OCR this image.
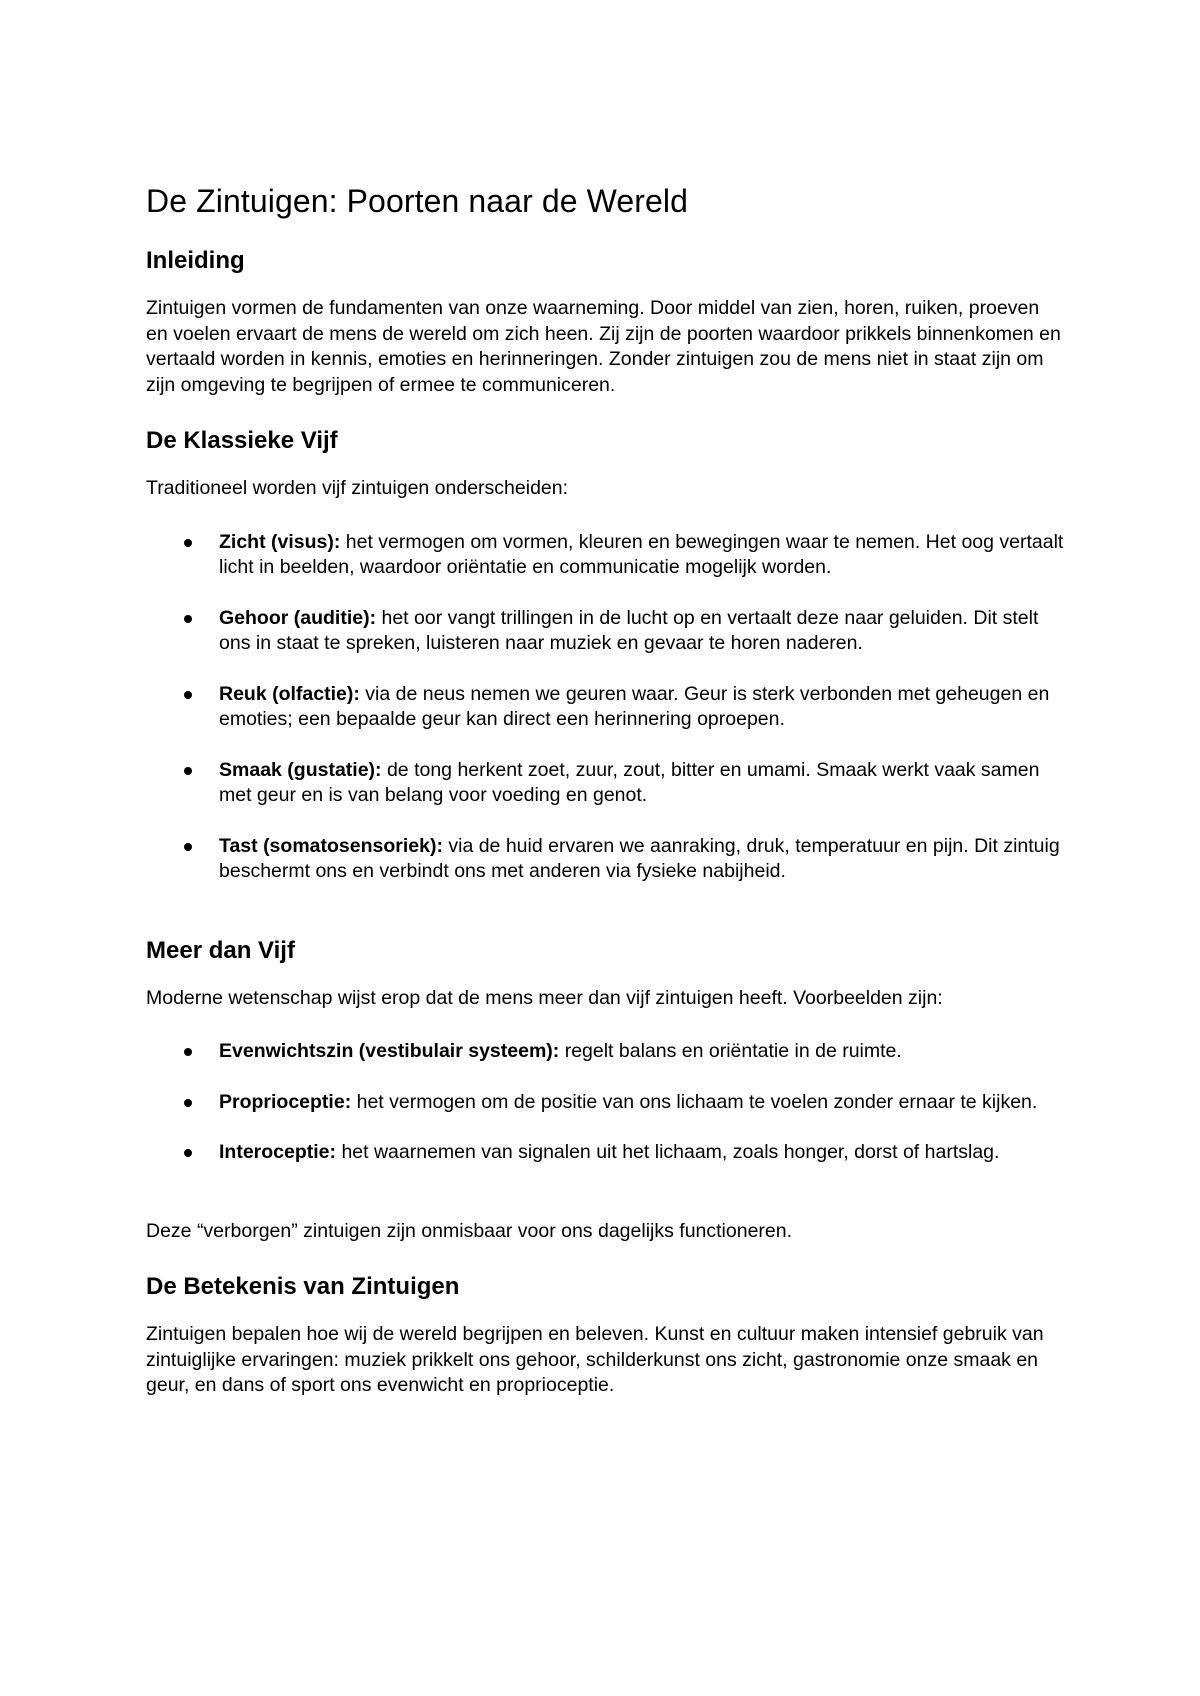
De Zintuigen: Poorten naar de Wereld
Inleiding

Zintuigen vormen de fundamenten van onze waarneming. Door middel van zien, horen, ruiken, proeven en voelen ervaart de mens de wereld om zich heen. Zij zijn de poorten waardoor prikkels binnenkomen en vertaald worden in kennis, emoties en herinneringen. Zonder zintuigen zou de mens niet in staat zijn om zijn omgeving te begrijpen of ermee te communiceren.

De Klassieke Vijf

Traditioneel worden vijf zintuigen onderscheiden:

Zicht (visus): het vermogen om vormen, kleuren en bewegingen waar te nemen. Het oog vertaalt licht in beelden, waardoor oriëntatie en communicatie mogelijk worden.
Gehoor (auditie): het oor vangt trillingen in de lucht op en vertaalt deze naar geluiden. Dit stelt ons in staat te spreken, luisteren naar muziek en gevaar te horen naderen.
Reuk (olfactie): via de neus nemen we geuren waar. Geur is sterk verbonden met geheugen en emoties; een bepaalde geur kan direct een herinnering oproepen.
Smaak (gustatie): de tong herkent zoet, zuur, zout, bitter en umami. Smaak werkt vaak samen met geur en is van belang voor voeding en genot.
Tast (somatosensoriek): via de huid ervaren we aanraking, druk, temperatuur en pijn. Dit zintuig beschermt ons en verbindt ons met anderen via fysieke nabijheid.
Meer dan Vijf

Moderne wetenschap wijst erop dat de mens meer dan vijf zintuigen heeft. Voorbeelden zijn:

Evenwichtszin (vestibulair systeem): regelt balans en oriëntatie in de ruimte.
Proprioceptie: het vermogen om de positie van ons lichaam te voelen zonder ernaar te kijken.
Interoceptie: het waarnemen van signalen uit het lichaam, zoals honger, dorst of hartslag.

Deze “verborgen” zintuigen zijn onmisbaar voor ons dagelijks functioneren.

De Betekenis van Zintuigen

Zintuigen bepalen hoe wij de wereld begrijpen en beleven. Kunst en cultuur maken intensief gebruik van zintuiglijke ervaringen: muziek prikkelt ons gehoor, schilderkunst ons zicht, gastronomie onze smaak en geur, en dans of sport ons evenwicht en proprioceptie.
